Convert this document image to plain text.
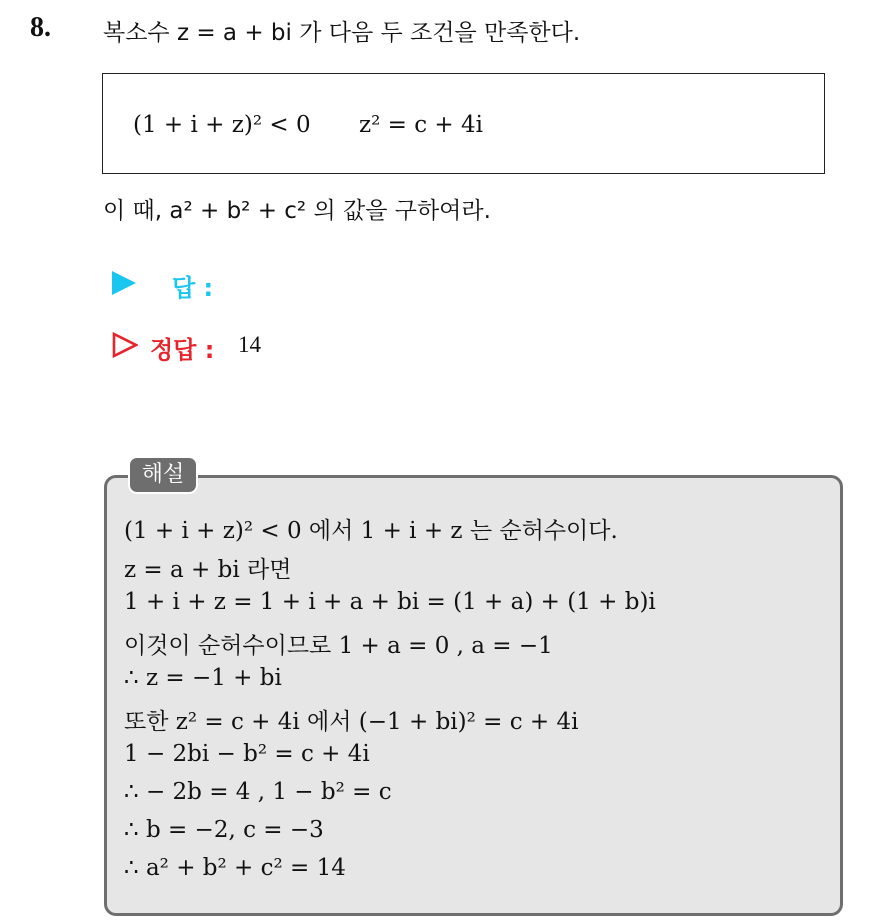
8. 복소수 z = a + bi 가 다음 두 조건을 만족한다.
(1 + i + z)² < 0 z² = c + 4i
이 때, a² + b² + c² 의 값을 구하여라.
답 :
정답 : 14
해설
(1 + i + z)² < 0 에서 1 + i + z 는 순허수이다.
z = a + bi 라면
1 + i + z = 1 + i + a + bi = (1 + a) + (1 + b)i
이것이 순허수이므로 1 + a = 0 , a = −1
∴ z = −1 + bi
또한 z² = c + 4i 에서 (−1 + bi)² = c + 4i
1 − 2bi − b² = c + 4i
∴ − 2b = 4 , 1 − b² = c
∴ b = −2, c = −3
∴ a² + b² + c² = 14
